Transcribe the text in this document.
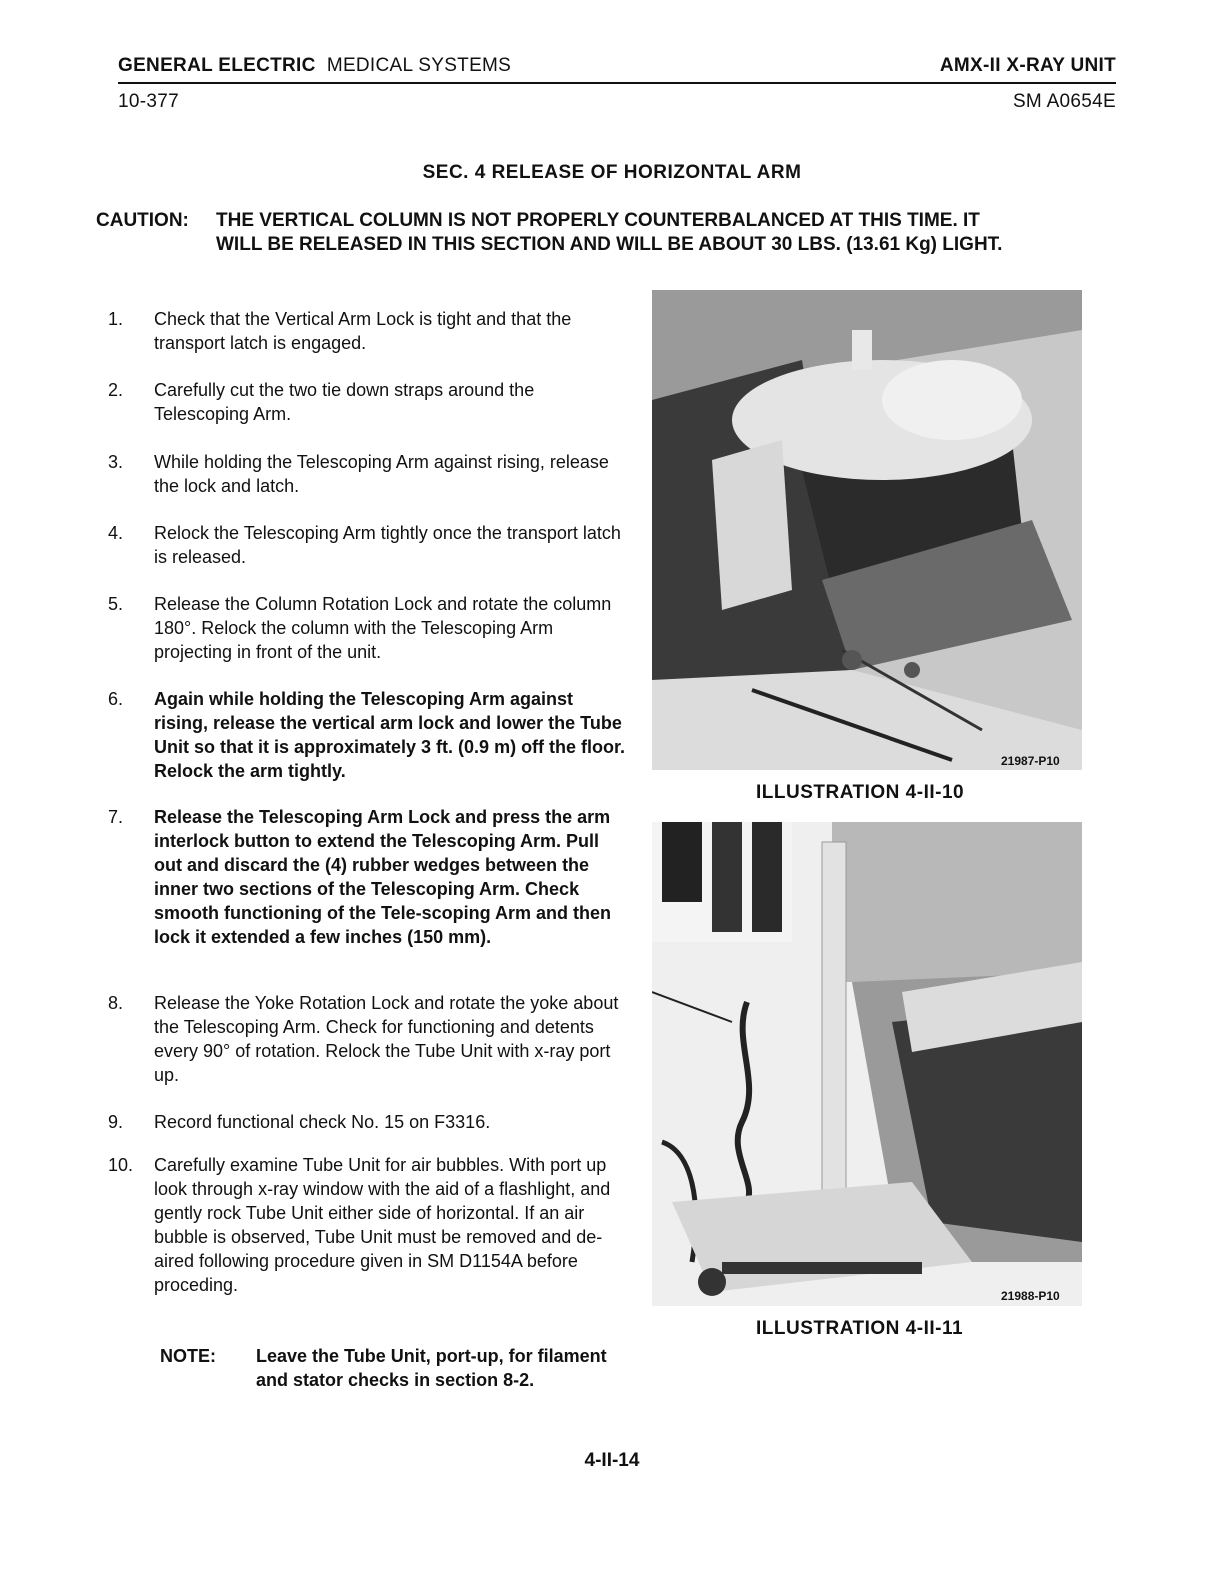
GENERAL ELECTRIC MEDICAL SYSTEMS	AMX-II X-RAY UNIT
10-377	SM A0654E
SEC. 4 RELEASE OF HORIZONTAL ARM
CAUTION: THE VERTICAL COLUMN IS NOT PROPERLY COUNTERBALANCED AT THIS TIME. IT
WILL BE RELEASED IN THIS SECTION AND WILL BE ABOUT 30 LBS. (13.61 Kg) LIGHT.
1.	Check that the Vertical Arm Lock is tight and that the transport latch is engaged.
2.	Carefully cut the two tie down straps around the Telescoping Arm.
3.	While holding the Telescoping Arm against rising, release the lock and latch.
4.	Relock the Telescoping Arm tightly once the transport latch is released.
5.	Release the Column Rotation Lock and rotate the column 180°. Relock the column with the Telescoping Arm projecting in front of the unit.
6.	Again while holding the Telescoping Arm against rising, release the vertical arm lock and lower the Tube Unit so that it is approximately 3 ft. (0.9 m) off the floor. Relock the arm tightly.
7.	Release the Telescoping Arm Lock and press the arm interlock button to extend the Telescoping Arm. Pull out and discard the (4) rubber wedges between the inner two sections of the Telescoping Arm. Check smooth functioning of the Tele-scoping Arm and then lock it extended a few inches (150 mm).
8.	Release the Yoke Rotation Lock and rotate the yoke about the Telescoping Arm. Check for functioning and detents every 90° of rotation. Relock the Tube Unit with x-ray port up.
9.	Record functional check No. 15 on F3316.
10.	Carefully examine Tube Unit for air bubbles. With port up look through x-ray window with the aid of a flashlight, and gently rock Tube Unit either side of horizontal. If an air bubble is observed, Tube Unit must be removed and de-aired following procedure given in SM D1154A before proceding.
NOTE: Leave the Tube Unit, port-up, for filament and stator checks in section 8-2.
21987-P10
ILLUSTRATION 4-II-10
21988-P10
ILLUSTRATION 4-II-11
4-II-14
